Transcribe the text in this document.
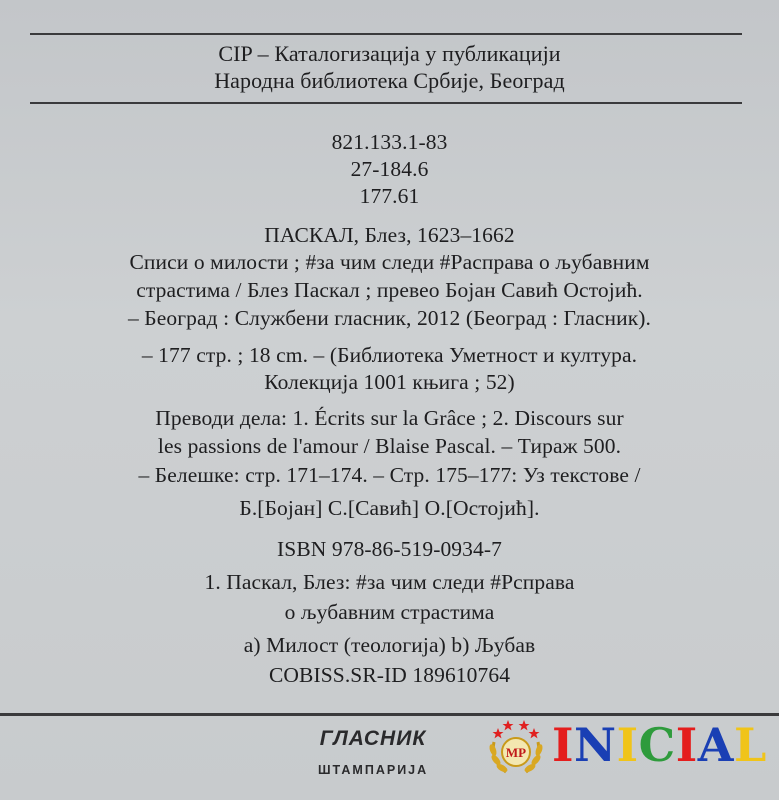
CIP – Каталогизација у публикацији
Народна библиотека Србије, Београд
821.133.1-83
27-184.6
177.61
ПАСКАЛ, Блез, 1623–1662
Списи о милости ; #за чим следи #Расправа о љубавним
страстима / Блез Паскал ; превео Бојан Савић Остојић.
– Београд : Службени гласник, 2012 (Београд : Гласник).
– 177 стр. ; 18 cm. – (Библиотека Уметност и култура.
Колекција 1001 књига ; 52)
Преводи дела: 1. Écrits sur la Grâce ; 2. Discours sur
les passions de l'amour / Blaise Pascal. – Тираж 500.
– Белешке: стр. 171–174. – Стр. 175–177: Уз текстове /
Б.[Бојан] С.[Савић] О.[Остојић].
ISBN 978-86-519-0934-7
1. Паскал, Блез: #за чим следи #Рсправа
о љубавним страстима
а) Милост (теологија) b) Љубав
COBISS.SR-ID 189610764
ГЛАСНИК
ШТАМПАРИЈА
MP INICIAL
